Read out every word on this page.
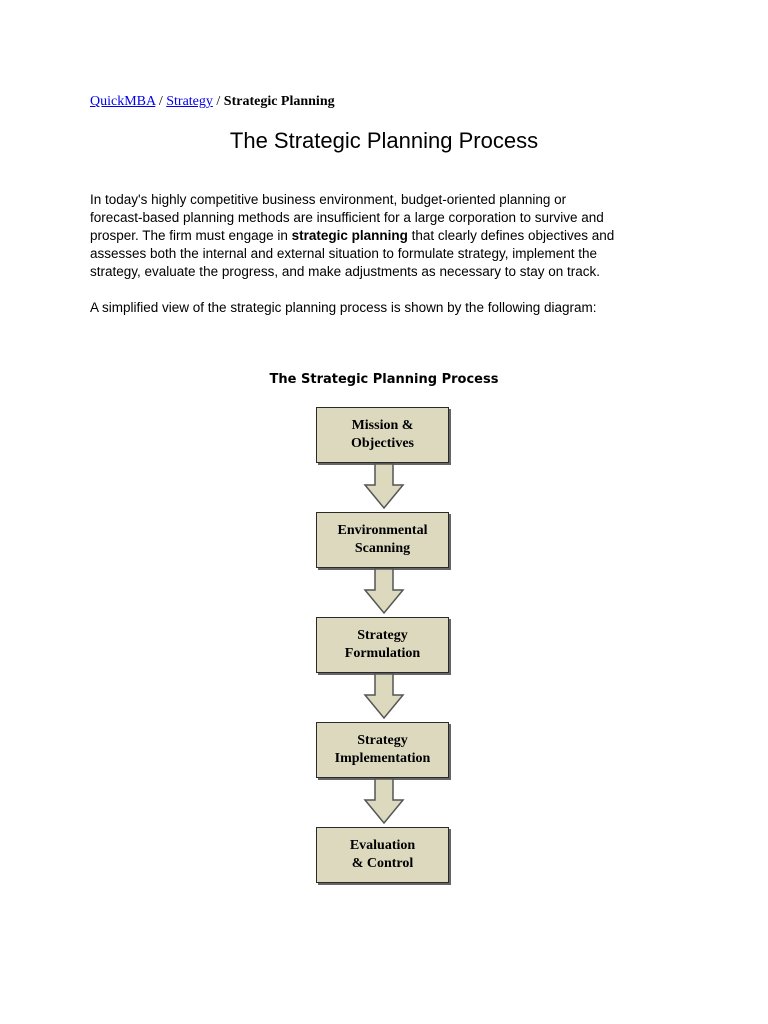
QuickMBA / Strategy / Strategic Planning
The Strategic Planning Process

In today's highly competitive business environment, budget-oriented planning or
forecast-based planning methods are insufficient for a large corporation to survive and
prosper. The firm must engage in strategic planning that clearly defines objectives and
assesses both the internal and external situation to formulate strategy, implement the
strategy, evaluate the progress, and make adjustments as necessary to stay on track.

A simplified view of the strategic planning process is shown by the following diagram:

The Strategic Planning Process
Mission &
Objectives
Environmental
Scanning
Strategy
Formulation
Strategy
Implementation
Evaluation
& Control
